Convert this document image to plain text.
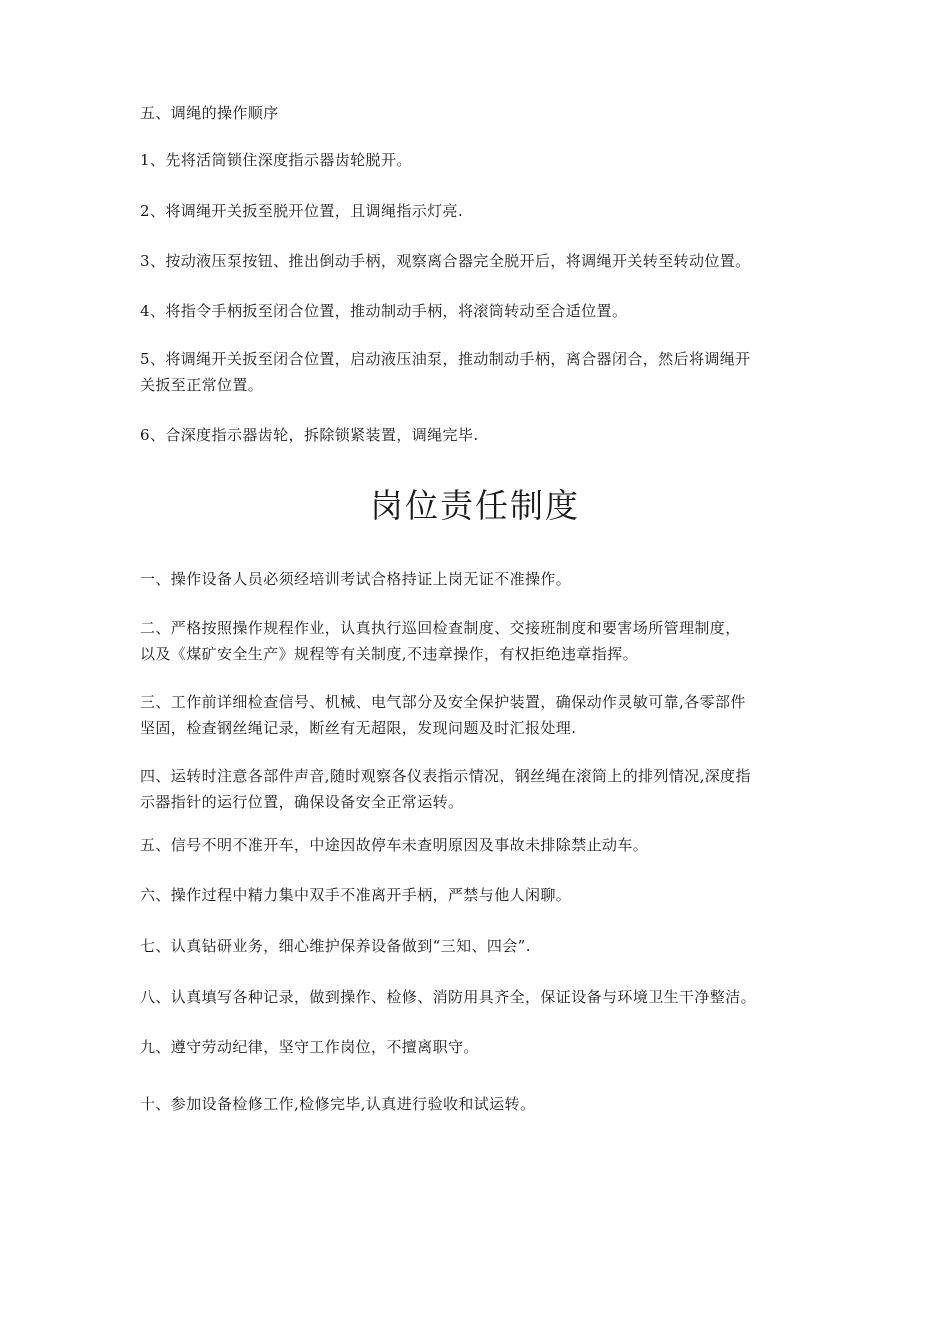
五、调绳的操作顺序
1、先将活筒锁住深度指示器齿轮脱开。
2、将调绳开关扳至脱开位置，且调绳指示灯亮.
3、按动液压泵按钮、推出倒动手柄，观察离合器完全脱开后，将调绳开关转至转动位置。
4、将指令手柄扳至闭合位置，推动制动手柄，将滚筒转动至合适位置。
5、将调绳开关扳至闭合位置，启动液压油泵，推动制动手柄，离合器闭合，然后将调绳开
关扳至正常位置。
6、合深度指示器齿轮，拆除锁紧装置，调绳完毕.
岗位责任制度
一、操作设备人员必须经培训考试合格持证上岗无证不准操作。
二、严格按照操作规程作业，认真执行巡回检查制度、交接班制度和要害场所管理制度，
以及《煤矿安全生产》规程等有关制度,不违章操作，有权拒绝违章指挥。
三、工作前详细检查信号、机械、电气部分及安全保护装置，确保动作灵敏可靠,各零部件
坚固，检查钢丝绳记录，断丝有无超限，发现问题及时汇报处理.
四、运转时注意各部件声音,随时观察各仪表指示情况，钢丝绳在滚筒上的排列情况,深度指
示器指针的运行位置，确保设备安全正常运转。
五、信号不明不准开车，中途因故停车未查明原因及事故未排除禁止动车。
六、操作过程中精力集中双手不准离开手柄，严禁与他人闲聊。
七、认真钻研业务，细心维护保养设备做到“三知、四会”.
八、认真填写各种记录，做到操作、检修、消防用具齐全，保证设备与环境卫生干净整洁。
九、遵守劳动纪律，坚守工作岗位，不擅离职守。
十、参加设备检修工作,检修完毕,认真进行验收和试运转。
